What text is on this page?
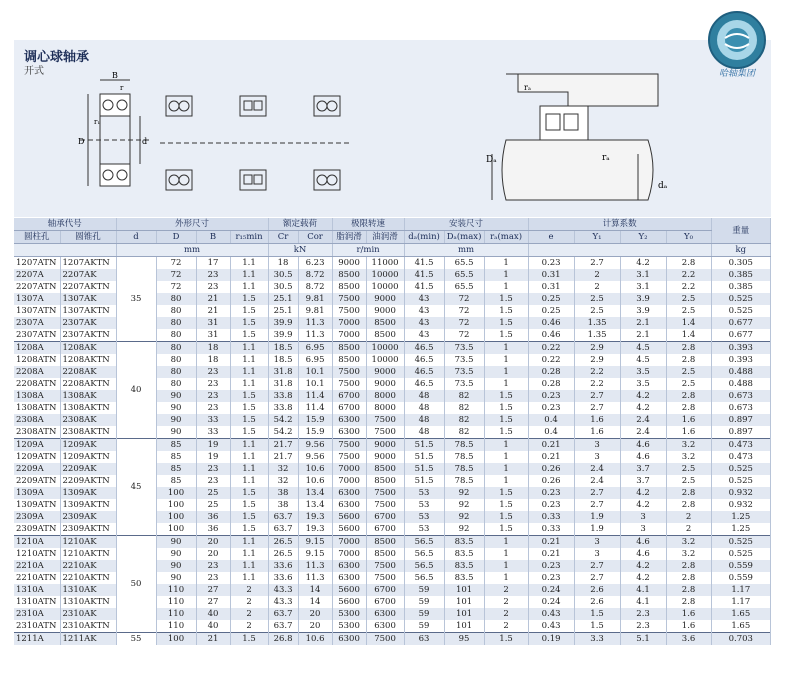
调心球轴承
开式	哈轴集团
B
D	d
r
r₁
rₐ
Dₐ	rₐ
dₐ
轴承代号		外形尺寸				额定载荷		极限转速		安装尺寸			计算系数				重量
圆柱孔	圆锥孔	d	D	B	r₁₅min	Cr	Cor	脂润滑	油润滑	dₐ(min)	Dₐ(max)	rₐ(max)	e	Y₁	Y₂	Y₀	
		mm				kN		r/min		mm							kg
1207ATN	1207AKTN	35	72	17	1.1	18	6.23	9000	11000	41.5	65.5	1	0.23	2.7	4.2	2.8	0.305
2207A	2207AK		72	23	1.1	30.5	8.72	8500	10000	41.5	65.5	1	0.31	2	3.1	2.2	0.385
2207ATN	2207AKTN		72	23	1.1	30.5	8.72	8500	10000	41.5	65.5	1	0.31	2	3.1	2.2	0.385
1307A	1307AK		80	21	1.5	25.1	9.81	7500	9000	43	72	1.5	0.25	2.5	3.9	2.5	0.525
1307ATN	1307AKTN		80	21	1.5	25.1	9.81	7500	9000	43	72	1.5	0.25	2.5	3.9	2.5	0.525
2307A	2307AK		80	31	1.5	39.9	11.3	7000	8500	43	72	1.5	0.46	1.35	2.1	1.4	0.677
2307ATN	2307AKTN		80	31	1.5	39.9	11.3	7000	8500	43	72	1.5	0.46	1.35	2.1	1.4	0.677
1208A	1208AK	40	80	18	1.1	18.5	6.95	8500	10000	46.5	73.5	1	0.22	2.9	4.5	2.8	0.393
1208ATN	1208AKTN		80	18	1.1	18.5	6.95	8500	10000	46.5	73.5	1	0.22	2.9	4.5	2.8	0.393
2208A	2208AK		80	23	1.1	31.8	10.1	7500	9000	46.5	73.5	1	0.28	2.2	3.5	2.5	0.488
2208ATN	2208AKTN		80	23	1.1	31.8	10.1	7500	9000	46.5	73.5	1	0.28	2.2	3.5	2.5	0.488
1308A	1308AK		90	23	1.5	33.8	11.4	6700	8000	48	82	1.5	0.23	2.7	4.2	2.8	0.673
1308ATN	1308AKTN		90	23	1.5	33.8	11.4	6700	8000	48	82	1.5	0.23	2.7	4.2	2.8	0.673
2308A	2308AK		90	33	1.5	54.2	15.9	6300	7500	48	82	1.5	0.4	1.6	2.4	1.6	0.897
2308ATN	2308AKTN		90	33	1.5	54.2	15.9	6300	7500	48	82	1.5	0.4	1.6	2.4	1.6	0.897
1209A	1209AK	45	85	19	1.1	21.7	9.56	7500	9000	51.5	78.5	1	0.21	3	4.6	3.2	0.473
1209ATN	1209AKTN		85	19	1.1	21.7	9.56	7500	9000	51.5	78.5	1	0.21	3	4.6	3.2	0.473
2209A	2209AK		85	23	1.1	32	10.6	7000	8500	51.5	78.5	1	0.26	2.4	3.7	2.5	0.525
2209ATN	2209AKTN		85	23	1.1	32	10.6	7000	8500	51.5	78.5	1	0.26	2.4	3.7	2.5	0.525
1309A	1309AK		100	25	1.5	38	13.4	6300	7500	53	92	1.5	0.23	2.7	4.2	2.8	0.932
1309ATN	1309AKTN		100	25	1.5	38	13.4	6300	7500	53	92	1.5	0.23	2.7	4.2	2.8	0.932
2309A	2309AK		100	36	1.5	63.7	19.3	5600	6700	53	92	1.5	0.33	1.9	3	2	1.25
2309ATN	2309AKTN		100	36	1.5	63.7	19.3	5600	6700	53	92	1.5	0.33	1.9	3	2	1.25
1210A	1210AK	50	90	20	1.1	26.5	9.15	7000	8500	56.5	83.5	1	0.21	3	4.6	3.2	0.525
1210ATN	1210AKTN		90	20	1.1	26.5	9.15	7000	8500	56.5	83.5	1	0.21	3	4.6	3.2	0.525
2210A	2210AK		90	23	1.1	33.6	11.3	6300	7500	56.5	83.5	1	0.23	2.7	4.2	2.8	0.559
2210ATN	2210AKTN		90	23	1.1	33.6	11.3	6300	7500	56.5	83.5	1	0.23	2.7	4.2	2.8	0.559
1310A	1310AK		110	27	2	43.3	14	5600	6700	59	101	2	0.24	2.6	4.1	2.8	1.17
1310ATN	1310AKTN		110	27	2	43.3	14	5600	6700	59	101	2	0.24	2.6	4.1	2.8	1.17
2310A	2310AK		110	40	2	63.7	20	5300	6300	59	101	2	0.43	1.5	2.3	1.6	1.65
2310ATN	2310AKTN		110	40	2	63.7	20	5300	6300	59	101	2	0.43	1.5	2.3	1.6	1.65
1211A	1211AK	55	100	21	1.5	26.8	10.6	6300	7500	63	95	1.5	0.19	3.3	5.1	3.6	0.703
